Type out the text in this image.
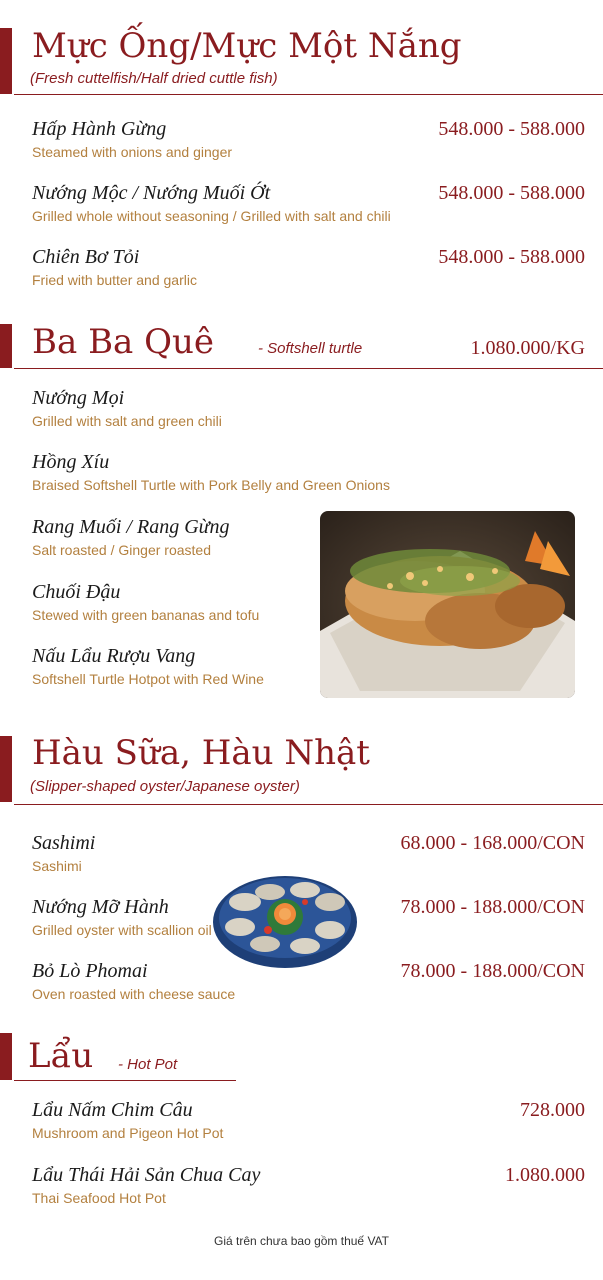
Mực Ống/Mực Một Nắng
(Fresh cuttelfish/Half dried cuttle fish)
Hấp Hành Gừng
Steamed with onions and ginger
548.000 - 588.000
Nướng Mộc / Nướng Muối Ớt
Grilled whole without seasoning / Grilled with salt and chili
548.000 - 588.000
Chiên Bơ Tỏi
Fried with butter and garlic
548.000 - 588.000
Ba Ba Quê	- Softshell turtle	1.080.000/KG
Nướng Mọi
Grilled with salt and green chili
Hồng Xíu
Braised Softshell Turtle with Pork Belly and Green Onions
Rang Muối / Rang Gừng
Salt roasted / Ginger roasted
Chuối Đậu
Stewed with green bananas and tofu
Nấu Lẩu Rượu Vang
Softshell Turtle Hotpot with Red Wine
Hàu Sữa, Hàu Nhật
(Slipper-shaped oyster/Japanese oyster)
Sashimi
Sashimi
68.000 - 168.000/CON
Nướng Mỡ Hành
Grilled oyster with scallion oil
78.000 - 188.000/CON
Bỏ Lò Phomai
Oven roasted with cheese sauce
78.000 - 188.000/CON
Lẩu - Hot Pot
Lẩu Nấm Chim Câu
Mushroom and Pigeon Hot Pot
728.000
Lẩu Thái Hải Sản Chua Cay
Thai Seafood Hot Pot
1.080.000
Giá trên chưa bao gồm thuế VAT
